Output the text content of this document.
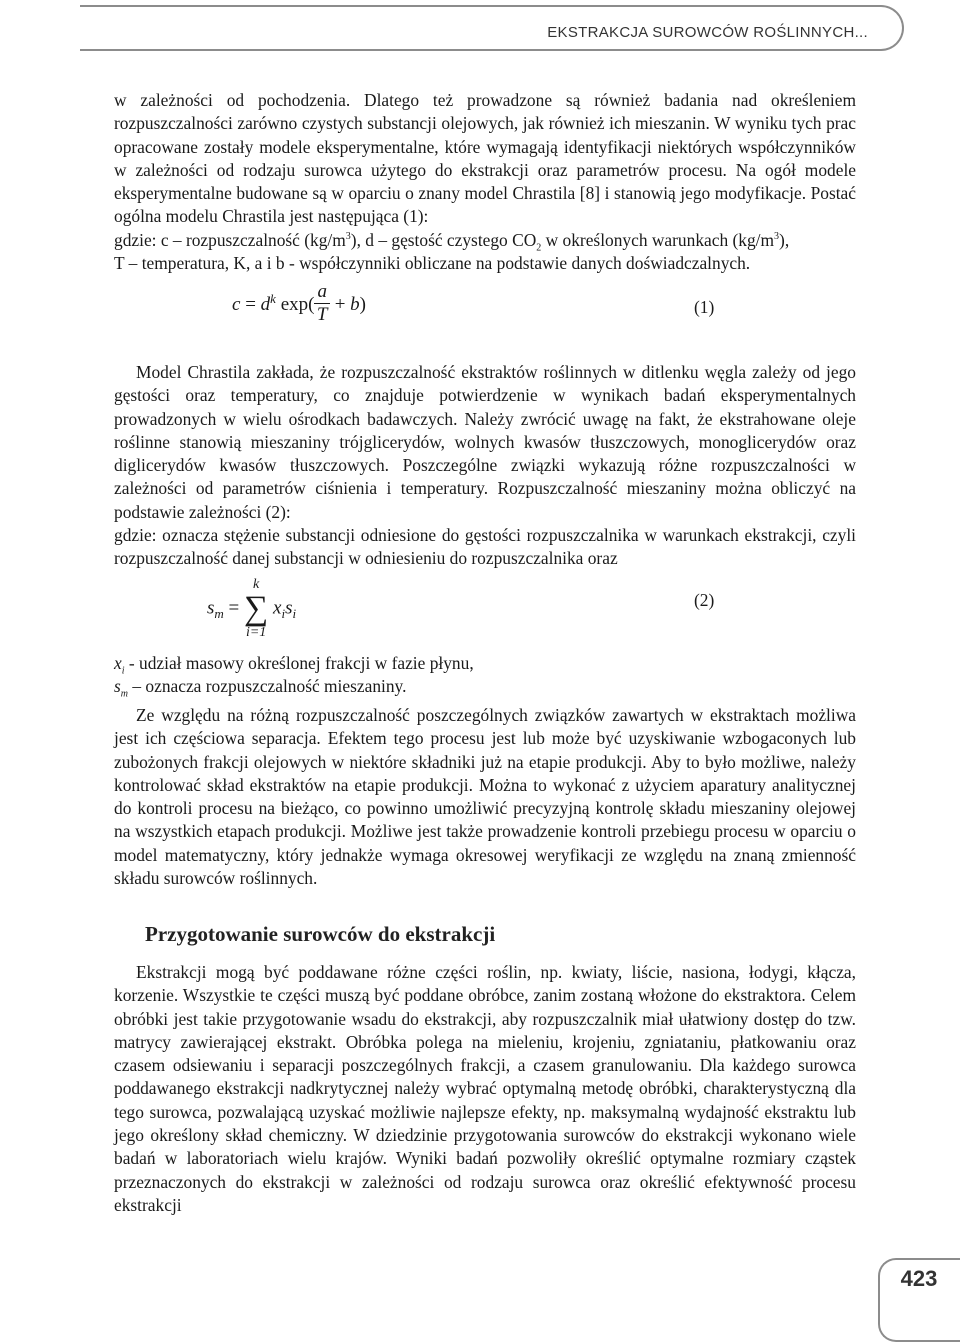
EKSTRAKCJA SUROWCÓW ROŚLINNYCH...

w zależności od pochodzenia. Dlatego też prowadzone są również badania nad określeniem rozpuszczalności zarówno czystych substancji olejowych, jak również ich mieszanin. W wyniku tych prac opracowane zostały modele eksperymentalne, które wymagają identyfikacji niektórych współczynników w zależności od rodzaju surowca użytego do ekstrakcji oraz parametrów procesu. Na ogół modele eksperymentalne budowane są w oparciu o znany model Chrastila [8] i stanowią jego modyfikacje. Postać ogólna modelu Chrastila jest następująca (1):

gdzie: c – rozpuszczalność $(kg/m^3)$, d – gęstość czystego $CO_2$ w określonych warunkach $(kg/m^3)$,

T – temperatura, K, a i b - współczynniki obliczane na podstawie danych doświadczalnych.

$c = d^k$ $\exp( \frac{a}{T} + b)$	(1)

Model Chrastila zakłada, że rozpuszczalność ekstraktów roślinnych w ditlenku węgla zależy od jego gęstości oraz temperatury, co znajduje potwierdzenie w wynikach badań eksperymentalnych prowadzonych w wielu ośrodkach badawczych. Należy zwrócić uwagę na fakt, że ekstrahowane oleje roślinne stanowią mieszaniny trójglicerydów, wolnych kwasów tłuszczowych, monoglicerydów oraz diglicerydów kwasów tłuszczowych. Poszczególne związki wykazują różne rozpuszczalności w zależności od parametrów ciśnienia i temperatury. Rozpuszczalność mieszaniny można obliczyć na podstawie zależności (2):

gdzie: oznacza stężenie substancji odniesione do gęstości rozpuszczalnika w warunkach ekstrakcji, czyli rozpuszczalność danej substancji w odniesieniu do rozpuszczalnika oraz

$s_m$ =
k
∑
i=1
$x_is_i$
(2)

$x_i$ - udział masowy określonej frakcji w fazie płynu,

$s_m$ – oznacza rozpuszczalność mieszaniny.

Ze względu na różną rozpuszczalność poszczególnych związków zawartych w ekstraktach możliwa jest ich częściowa separacja. Efektem tego procesu jest lub może być uzyskiwanie wzbogaconych lub zubożonych frakcji olejowych w niektóre składniki już na etapie produkcji. Aby to było możliwe, należy kontrolować skład ekstraktów na etapie produkcji. Można to wykonać z użyciem aparatury analitycznej do kontroli procesu na bieżąco, co powinno umożliwić precyzyjną kontrolę składu mieszaniny olejowej na wszystkich etapach produkcji. Możliwe jest także prowadzenie kontroli przebiegu procesu w oparciu o model matematyczny, który jednakże wymaga okresowej weryfikacji ze względu na znaną zmienność składu surowców roślinnych.

Przygotowanie surowców do ekstrakcji

Ekstrakcji mogą być poddawane różne części roślin, np. kwiaty, liście, nasiona, łodygi, kłącza, korzenie. Wszystkie te części muszą być poddane obróbce, zanim zostaną włożone do ekstraktora. Celem obróbki jest takie przygotowanie wsadu do ekstrakcji, aby rozpuszczalnik miał ułatwiony dostęp do tzw. matrycy zawierającej ekstrakt. Obróbka polega na mieleniu, krojeniu, zgniataniu, płatkowaniu oraz czasem odsiewaniu i separacji poszczególnych frakcji, a czasem granulowaniu. Dla każdego surowca poddawanego ekstrakcji nadkrytycznej należy wybrać optymalną metodę obróbki, charakterystyczną dla tego surowca, pozwalającą uzyskać możliwie najlepsze efekty, np. maksymalną wydajność ekstraktu lub jego określony skład chemiczny. W dziedzinie przygotowania surowców do ekstrakcji wykonano wiele badań w laboratoriach wielu krajów. Wyniki badań pozwoliły określić optymalne rozmiary cząstek przeznaczonych do ekstrakcji w zależności od rodzaju surowca oraz określić efektywność procesu ekstrakcji

423
